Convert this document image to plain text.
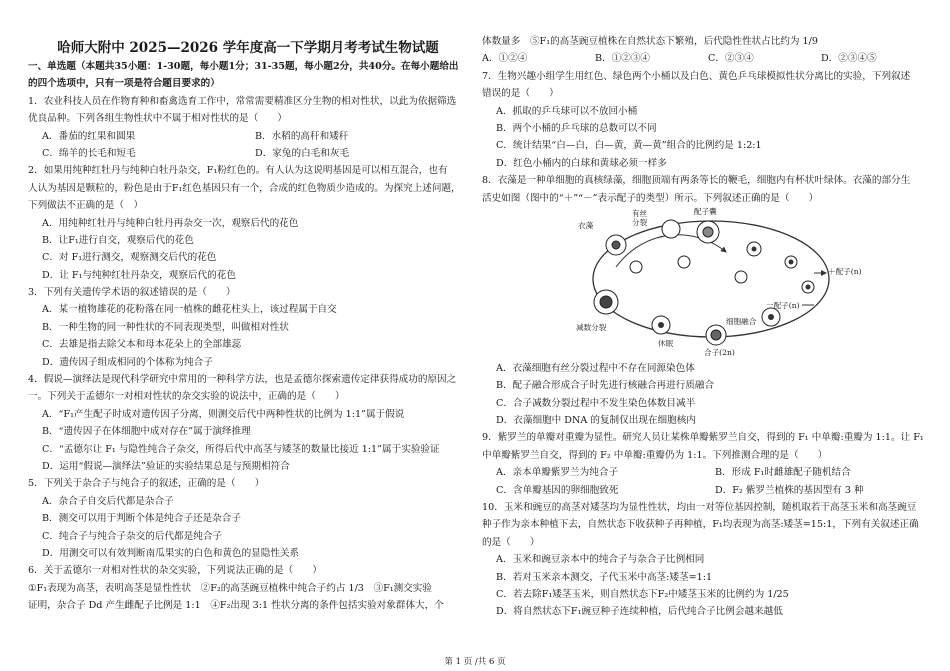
哈师大附中 2025—2026 学年度高一下学期月考考试生物试题
一、单选题（本题共35小题：1-30题，每小题1分；31-35题，每小题2分，共40分。在每小题给出
的四个选项中，只有一项是符合题目要求的）
1．农业科技人员在作物育种和畜禽选育工作中，常常需要精准区分生物的相对性状，以此为依据筛选
优良品种。下列各组生物性状中不属于相对性状的是（　　）
A．番茄的红果和圆果	B．水稻的高秆和矮秆
C．绵羊的长毛和短毛	D．家兔的白毛和灰毛
2．如果用纯种红牡丹与纯种白牡丹杂交，F₁粉红色的。有人认为这说明基因是可以相互混合，也有
人认为基因是颗粒的，粉色是由于F₁红色基因只有一个，合成的红色物质少造成的。为探究上述问题，
下列做法不正确的是（　）
A．用纯种红牡丹与纯种白牡丹再杂交一次，观察后代的花色
B．让F₁进行自交，观察后代的花色
C．对 F₁进行测交，观察测交后代的花色
D．让 F₁与纯种红牡丹杂交，观察后代的花色
3．下列有关遗传学术语的叙述错误的是（　　）
A．某一植物雄花的花粉落在同一植株的雌花柱头上，该过程属于自交
B．一种生物的同一种性状的不同表现类型，叫做相对性状
C．去雄是指去除父本和母本花朵上的全部雄蕊
D．遗传因子组成相同的个体称为纯合子
4．假说—演绎法是现代科学研究中常用的一种科学方法，也是孟德尔探索遗传定律获得成功的原因之
一。下列关于孟德尔一对相对性状的杂交实验的说法中，正确的是（　　）
A．“F₁产生配子时成对遗传因子分离，则测交后代中两种性状的比例为 1:1”属于假说
B．“遗传因子在体细胞中成对存在”属于演绎推理
C．“孟德尔让 F₁ 与隐性纯合子杂交，所得后代中高茎与矮茎的数量比接近 1:1”属于实验验证
D．运用“假说—演绎法”验证的实验结果总是与预期相符合
5．下列关于杂合子与纯合子的叙述，正确的是（　　）
A．杂合子自交后代都是杂合子
B．测交可以用于判断个体是纯合子还是杂合子
C．纯合子与纯合子杂交的后代都是纯合子
D．用测交可以有效判断南瓜果实的白色和黄色的显隐性关系
6．关于孟德尔一对相对性状的杂交实验，下列说法正确的是（　　）
①F₁表现为高茎，表明高茎是显性性状　②F₂的高茎豌豆植株中纯合子约占 1/3　③F₁测交实验
证明，杂合子 Dd 产生雌配子比例是 1:1　④F₂出现 3:1 性状分离的条件包括实验对象群体大，个
体数量多　⑤F₁的高茎豌豆植株在自然状态下繁殖，后代隐性性状占比约为 1/9
A．①②④	B．①②③④	C．②③④	D．②③④⑤
7．生物兴趣小组学生用红色、绿色两个小桶以及白色、黄色乒乓球模拟性状分离比的实验，下列叙述
错误的是（　　）
A．抓取的乒乓球可以不放回小桶
B．两个小桶的乒乓球的总数可以不同
C．统计结果“白—白，白—黄，黄—黄”组合的比例约是 1:2:1
D．红色小桶内的白球和黄球必须一样多
8．衣藻是一种单细胞的真核绿藻，细胞顶端有两条等长的鞭毛，细胞内有杯状叶绿体。衣藻的部分生
活史如图（图中的“＋”“－”表示配子的类型）所示。下列叙述正确的是（　　）
有丝分裂
配子囊
衣藻
＋配子(n)
一配子(n)
减数分裂
细胞融合
休眠
合子(2n)
A．衣藻细胞有丝分裂过程中不存在同源染色体
B．配子融合形成合子时先进行核融合再进行质融合
C．合子减数分裂过程中不发生染色体数目减半
D．衣藻细胞中 DNA 的复制仅出现在细胞核内
9．紫罗兰的单瓣对重瓣为显性。研究人员让某株单瓣紫罗兰自交，得到的 F₁ 中单瓣:重瓣为 1:1。让 F₁
中单瓣紫罗兰自交，得到的 F₂ 中单瓣:重瓣仍为 1:1。下列推测合理的是（　　）
A．亲本单瓣紫罗兰为纯合子	B．形成 F₁时雌雄配子随机结合
C．含单瓣基因的卵细胞致死	D．F₂ 紫罗兰植株的基因型有 3 种
10．玉米和豌豆的高茎对矮茎均为显性性状，均由一对等位基因控制，随机取若干高茎玉米和高茎豌豆
种子作为亲本种植下去，自然状态下收获种子再种植，F₁均表现为高茎:矮茎=15:1，下列有关叙述正确
的是（　　）
A．玉米和豌豆亲本中的纯合子与杂合子比例相同
B．若对玉米亲本测交，子代玉米中高茎:矮茎=1:1
C．若去除F₁矮茎玉米，则自然状态下F₂中矮茎玉米的比例约为 1/25
D．将自然状态下F₁豌豆种子连续种植，后代纯合子比例会越来越低
第 1 页 /共 6 页
